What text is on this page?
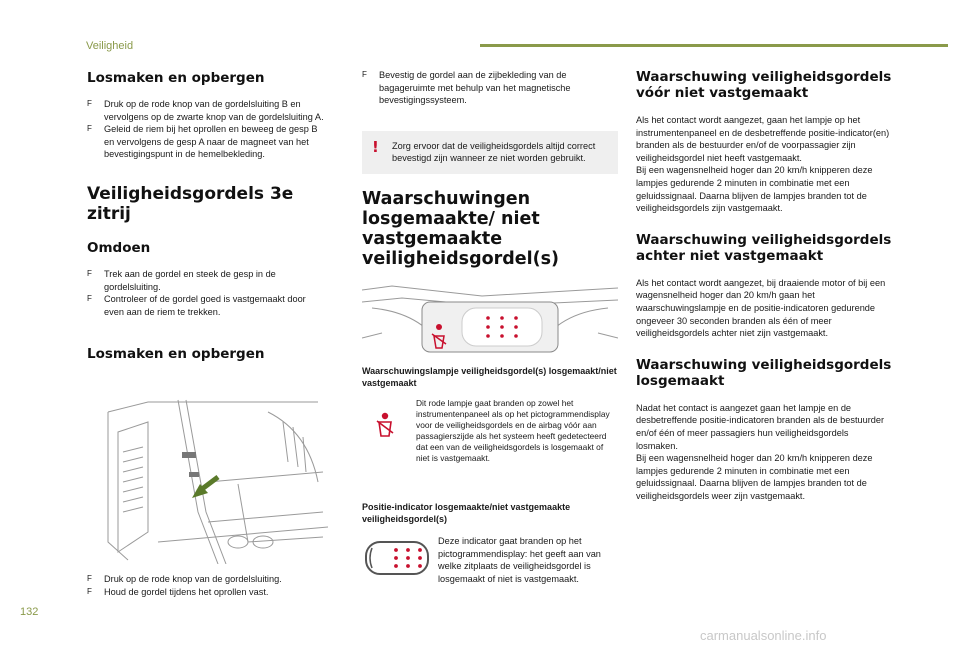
Veiligheid
Losmaken en opbergen

F Druk op de rode knop van de gordelsluiting B en vervolgens op de zwarte knop van de gordelsluiting A.

F Geleid de riem bij het oprollen en beweeg de gesp B en vervolgens de gesp A naar de magneet van het bevestigingspunt in de hemelbekleding.

Veiligheidsgordels 3e zitrij
Omdoen

F Trek aan de gordel en steek de gesp in de gordelsluiting.

F Controleer of de gordel goed is vastgemaakt door even aan de riem te trekken.

Losmaken en opbergen

F Druk op de rode knop van de gordelsluiting.

F Houd de gordel tijdens het oprollen vast.

F Bevestig de gordel aan de zijbekleding van de bagageruimte met behulp van het magnetische bevestigingssysteem.

! Zorg ervoor dat de veiligheidsgordels altijd correct bevestigd zijn wanneer ze niet worden gebruikt.
Waarschuwingen losgemaakte/ niet vastgemaakte veiligheidsgordel(s)

Waarschuwingslampje veiligheidsgordel(s) losgemaakt/niet vastgemaakt

Dit rode lampje gaat branden op zowel het instrumentenpaneel als op het pictogrammendisplay voor de veiligheidsgordels en de airbag vóór aan passagierszijde als het systeem heeft gedetecteerd dat een van de veiligheidsgordels is losgemaakt of niet is vastgemaakt.

Positie-indicator losgemaakte/niet vastgemaakte veiligheidsgordel(s)

Deze indicator gaat branden op het pictogrammendisplay: het geeft aan van welke zitplaats de veiligheidsgordel is losgemaakt of niet is vastgemaakt.

Waarschuwing veiligheidsgordels vóór niet vastgemaakt

Als het contact wordt aangezet, gaan het lampje op het instrumentenpaneel en de desbetreffende positie-indicator(en) branden als de bestuurder en/of de voorpassagier zijn veiligheidsgordel niet heeft vastgemaakt.
Bij een wagensnelheid hoger dan 20 km/h knipperen deze lampjes gedurende 2 minuten in combinatie met een geluidssignaal. Daarna blijven de lampjes branden tot de veiligheidsgordels zijn vastgemaakt.

Waarschuwing veiligheidsgordels achter niet vastgemaakt

Als het contact wordt aangezet, bij draaiende motor of bij een wagensnelheid hoger dan 20 km/h gaan het waarschuwingslampje en de positie-indicatoren gedurende ongeveer 30 seconden branden als één of meer veiligheidsgordels achter niet zijn vastgemaakt.

Waarschuwing veiligheidsgordels losgemaakt

Nadat het contact is aangezet gaan het lampje en de desbetreffende positie-indicatoren branden als de bestuurder en/of één of meer passagiers hun veiligheidsgordels losmaken.
Bij een wagensnelheid hoger dan 20 km/h knipperen deze lampjes gedurende 2 minuten in combinatie met een geluidssignaal. Daarna blijven de lampjes branden tot de veiligheidsgordels weer zijn vastgemaakt.

132
carmanualsonline.info
